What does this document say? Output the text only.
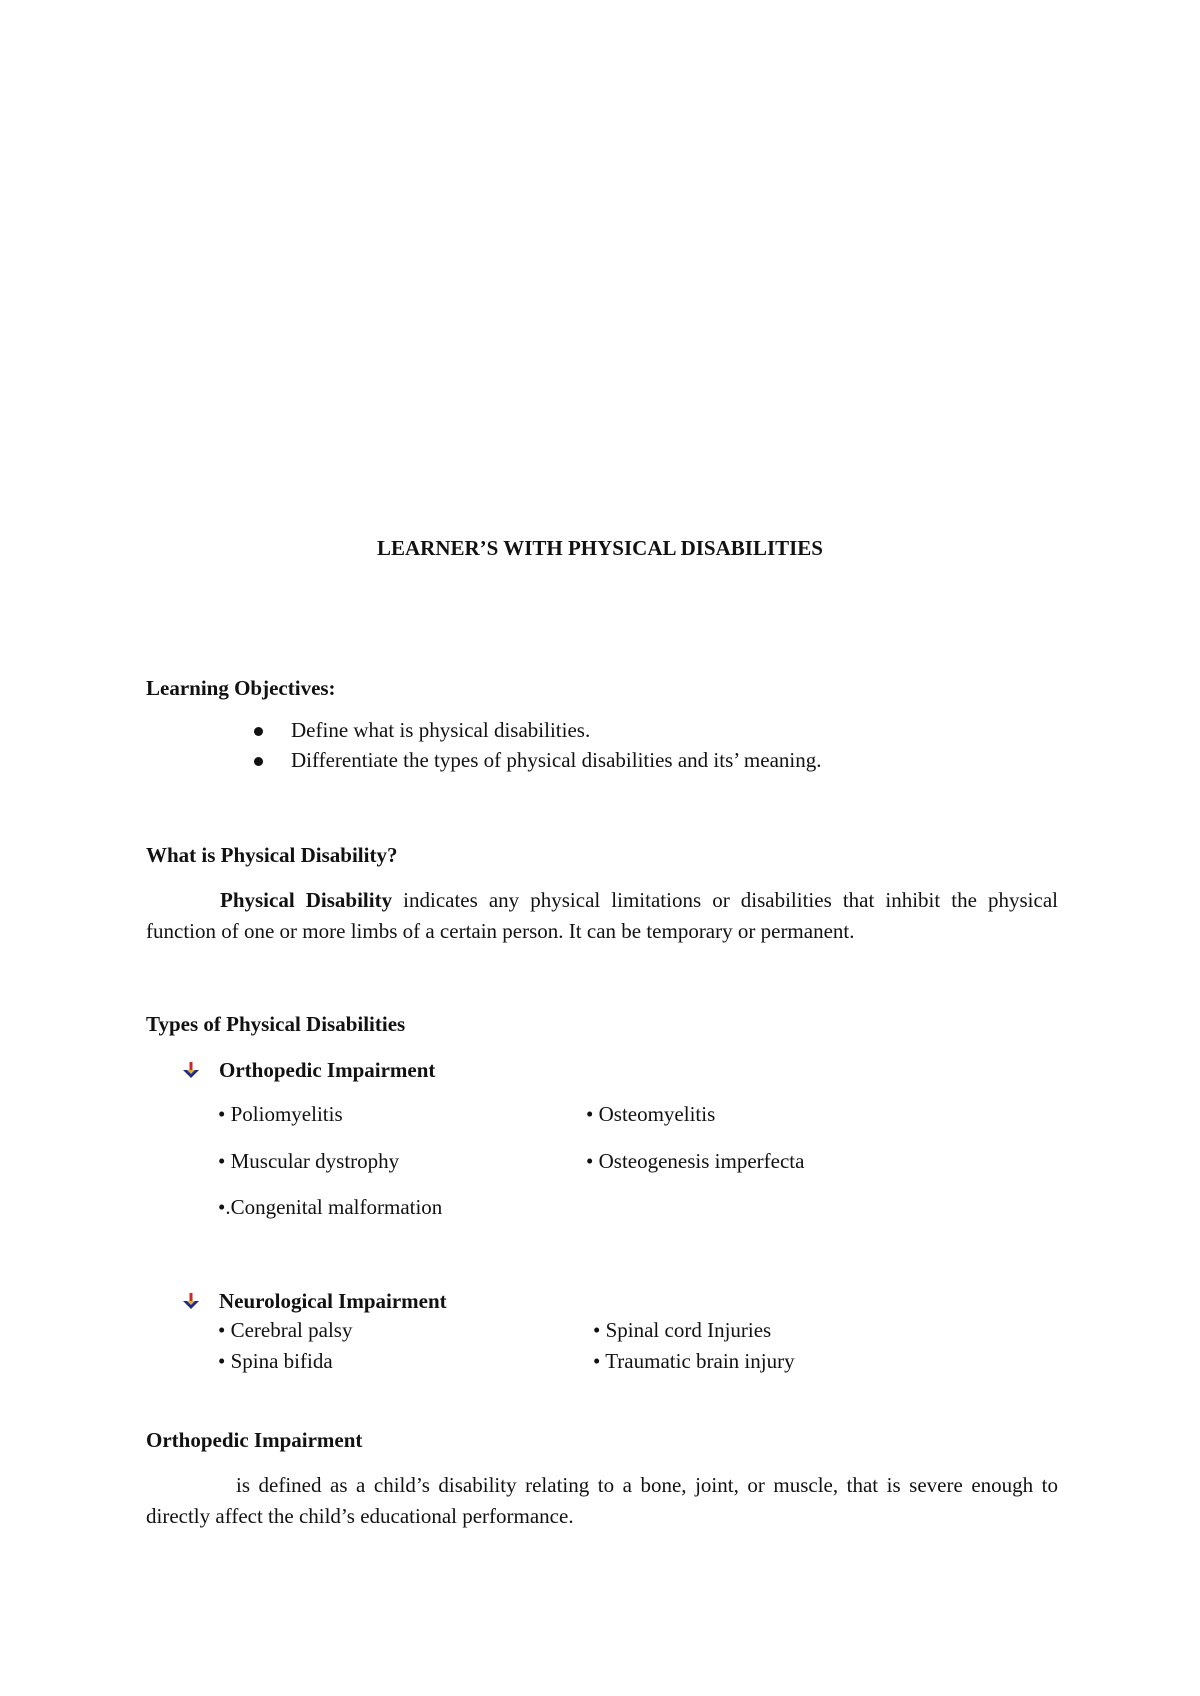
LEARNER’S WITH PHYSICAL DISABILITIES
Learning Objectives:
Define what is physical disabilities.
Differentiate the types of physical disabilities and its’ meaning.
What is Physical Disability?
Physical Disability indicates any physical limitations or disabilities that inhibit the physical function of one or more limbs of a certain person. It can be temporary or permanent.
Types of Physical Disabilities
Orthopedic Impairment
• Poliomyelitis	• Osteomyelitis
• Muscular dystrophy	• Osteogenesis imperfecta
•.Congenital malformation
Neurological Impairment
• Cerebral palsy	• Spinal cord Injuries
• Spina bifida	• Traumatic brain injury
Orthopedic Impairment
is defined as a child’s disability relating to a bone, joint, or muscle, that is severe enough to directly affect the child’s educational performance.
